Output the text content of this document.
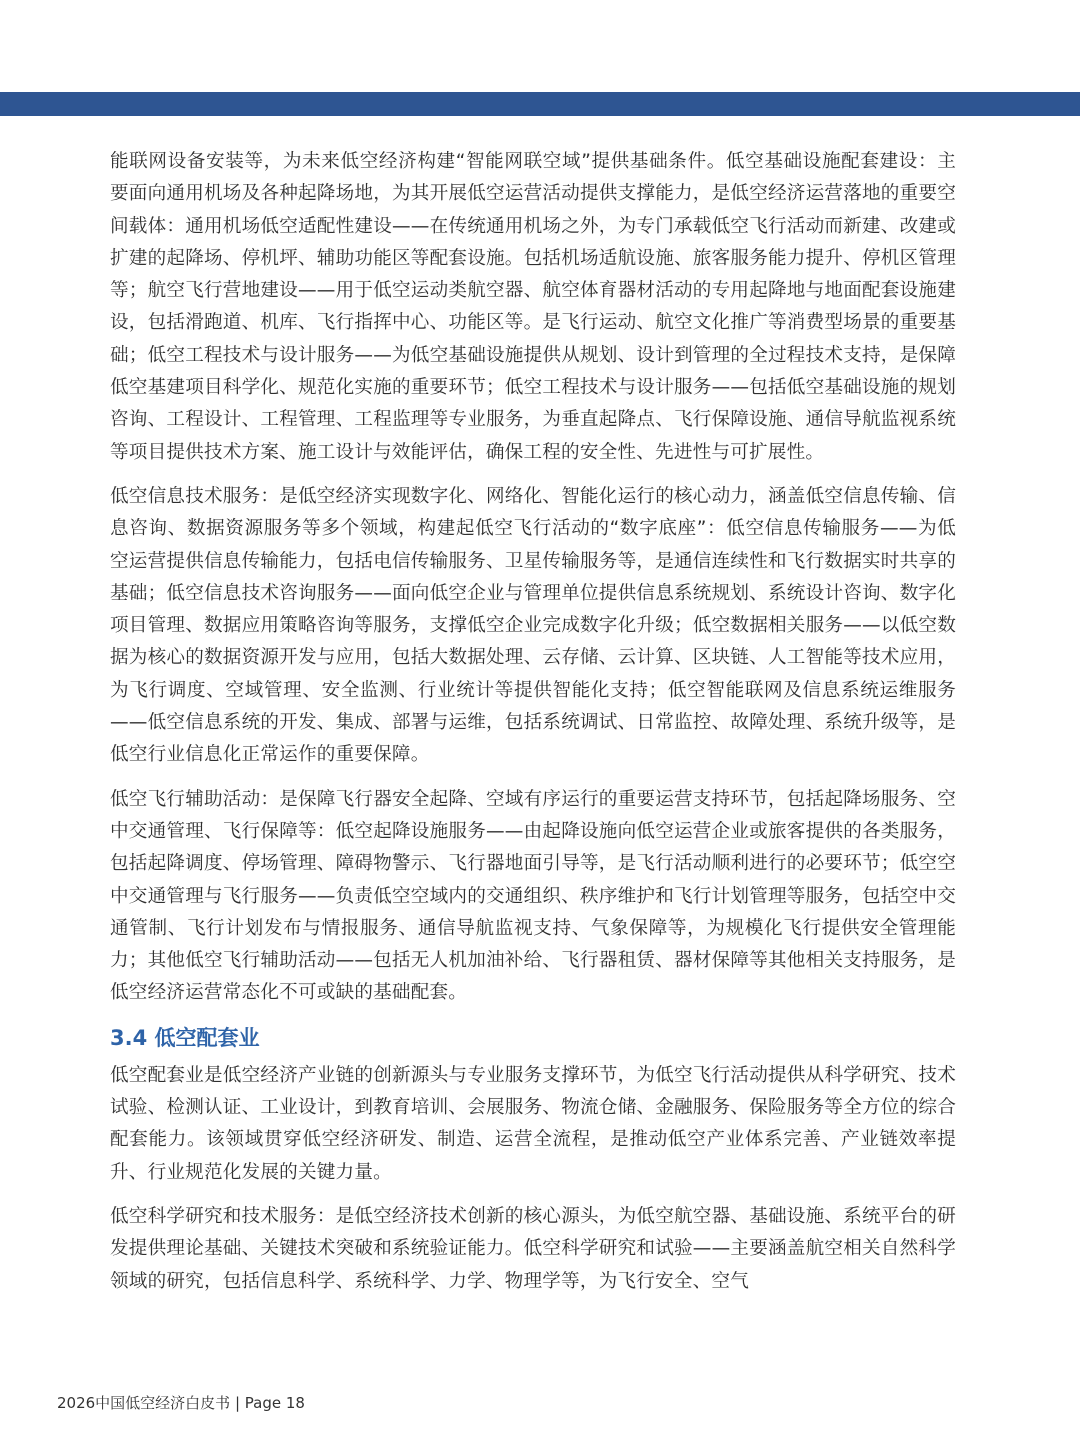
能联网设备安装等，为未来低空经济构建“智能网联空域”提供基础条件。低空基础设施配套建设：主要面向通用机场及各种起降场地，为其开展低空运营活动提供支撑能力，是低空经济运营落地的重要空间载体：通用机场低空适配性建设——在传统通用机场之外，为专门承载低空飞行活动而新建、改建或扩建的起降场、停机坪、辅助功能区等配套设施。包括机场适航设施、旅客服务能力提升、停机区管理等；航空飞行营地建设——用于低空运动类航空器、航空体育器材活动的专用起降地与地面配套设施建设，包括滑跑道、机库、飞行指挥中心、功能区等。是飞行运动、航空文化推广等消费型场景的重要基础；低空工程技术与设计服务——为低空基础设施提供从规划、设计到管理的全过程技术支持，是保障低空基建项目科学化、规范化实施的重要环节；低空工程技术与设计服务——包括低空基础设施的规划咨询、工程设计、工程管理、工程监理等专业服务，为垂直起降点、飞行保障设施、通信导航监视系统等项目提供技术方案、施工设计与效能评估，确保工程的安全性、先进性与可扩展性。

低空信息技术服务：是低空经济实现数字化、网络化、智能化运行的核心动力，涵盖低空信息传输、信息咨询、数据资源服务等多个领域，构建起低空飞行活动的“数字底座”：低空信息传输服务——为低空运营提供信息传输能力，包括电信传输服务、卫星传输服务等，是通信连续性和飞行数据实时共享的基础；低空信息技术咨询服务——面向低空企业与管理单位提供信息系统规划、系统设计咨询、数字化项目管理、数据应用策略咨询等服务，支撑低空企业完成数字化升级；低空数据相关服务——以低空数据为核心的数据资源开发与应用，包括大数据处理、云存储、云计算、区块链、人工智能等技术应用，为飞行调度、空域管理、安全监测、行业统计等提供智能化支持；低空智能联网及信息系统运维服务——低空信息系统的开发、集成、部署与运维，包括系统调试、日常监控、故障处理、系统升级等，是低空行业信息化正常运作的重要保障。

低空飞行辅助活动：是保障飞行器安全起降、空域有序运行的重要运营支持环节，包括起降场服务、空中交通管理、飞行保障等：低空起降设施服务——由起降设施向低空运营企业或旅客提供的各类服务，包括起降调度、停场管理、障碍物警示、飞行器地面引导等，是飞行活动顺利进行的必要环节；低空空中交通管理与飞行服务——负责低空空域内的交通组织、秩序维护和飞行计划管理等服务，包括空中交通管制、飞行计划发布与情报服务、通信导航监视支持、气象保障等，为规模化飞行提供安全管理能力；其他低空飞行辅助活动——包括无人机加油补给、飞行器租赁、器材保障等其他相关支持服务，是低空经济运营常态化不可或缺的基础配套。

3.4 低空配套业

低空配套业是低空经济产业链的创新源头与专业服务支撑环节，为低空飞行活动提供从科学研究、技术试验、检测认证、工业设计，到教育培训、会展服务、物流仓储、金融服务、保险服务等全方位的综合配套能力。该领域贯穿低空经济研发、制造、运营全流程，是推动低空产业体系完善、产业链效率提升、行业规范化发展的关键力量。

低空科学研究和技术服务：是低空经济技术创新的核心源头，为低空航空器、基础设施、系统平台的研发提供理论基础、关键技术突破和系统验证能力。低空科学研究和试验——主要涵盖航空相关自然科学领域的研究，包括信息科学、系统科学、力学、物理学等，为飞行安全、空气

2026中国低空经济白皮书 | Page 18
